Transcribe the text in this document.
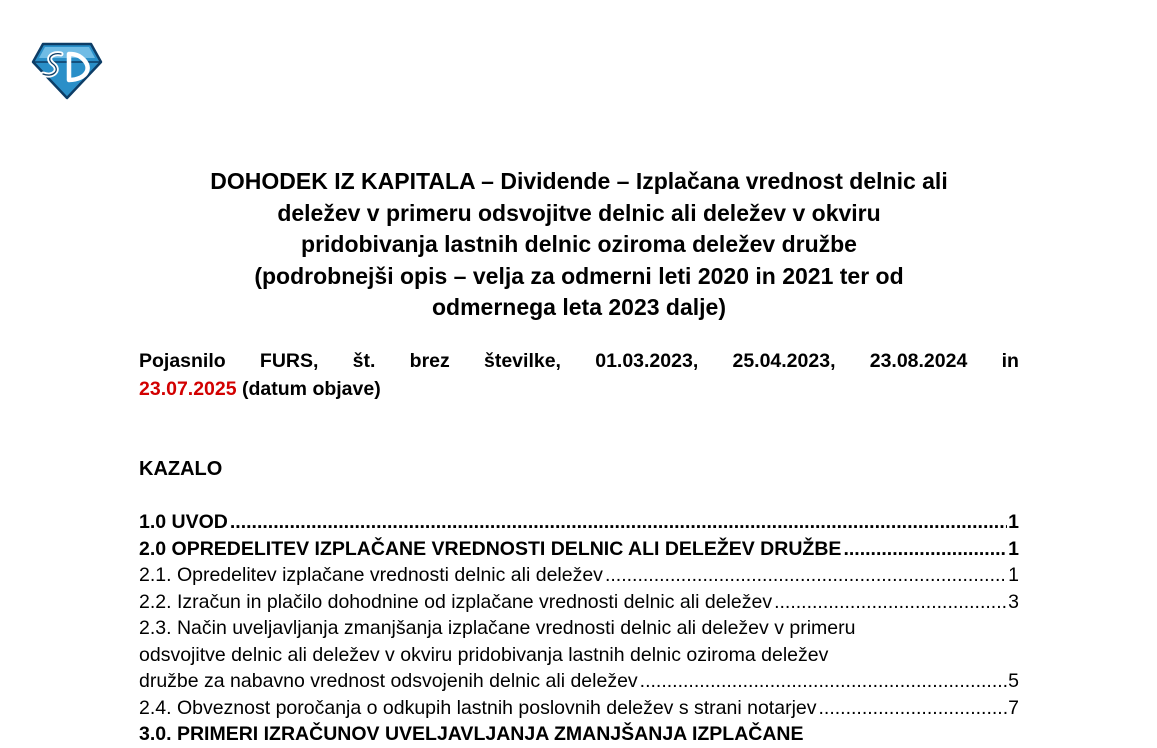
DOHODEK IZ KAPITALA – Dividende – Izplačana vrednost delnic ali
deležev v primeru odsvojitve delnic ali deležev v okviru
pridobivanja lastnih delnic oziroma deležev družbe
(podrobnejši opis – velja za odmerni leti 2020 in 2021 ter od
odmernega leta 2023 dalje)
Pojasnilo FURS, št. brez številke, 01.03.2023, 25.04.2023, 23.08.2024 in
23.07.2025 (datum objave)
KAZALO
1.0 UVOD .....	1
2.0 OPREDELITEV IZPLAČANE VREDNOSTI DELNIC ALI DELEŽEV DRUŽBE .....	1
2.1. Opredelitev izplačane vrednosti delnic ali deležev .....	1
2.2. Izračun in plačilo dohodnine od izplačane vrednosti delnic ali deležev .....	3
2.3. Način uveljavljanja zmanjšanja izplačane vrednosti delnic ali deležev v primeru
odsvojitve delnic ali deležev v okviru pridobivanja lastnih delnic oziroma deležev
družbe za nabavno vrednost odsvojenih delnic ali deležev .....	5
2.4. Obveznost poročanja o odkupih lastnih poslovnih deležev s strani notarjev .....	7
3.0. PRIMERI IZRAČUNOV UVELJAVLJANJA ZMANJŠANJA IZPLAČANE
